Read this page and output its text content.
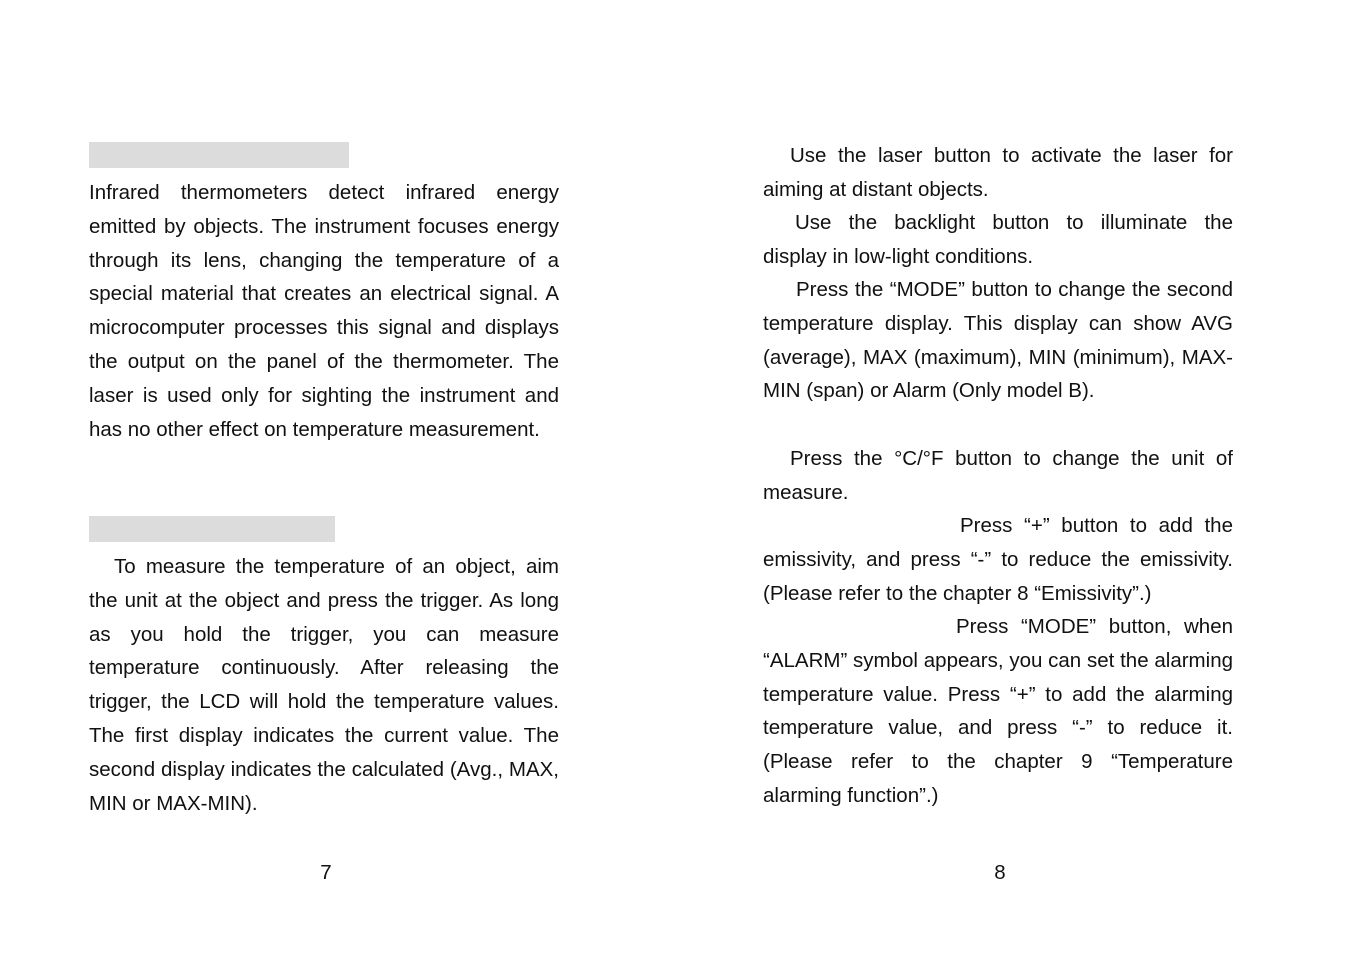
Infrared thermometers detect infrared energy emitted by objects. The instrument focuses energy through its lens, changing the temperature of a special material that creates an electrical signal. A microcomputer processes this signal and displays the output on the panel of the thermometer. The laser is used only for sighting the instrument and has no other effect on temperature measurement.

To measure the temperature of an object, aim the unit at the object and press the trigger. As long as you hold the trigger, you can measure temperature continuously. After releasing the trigger, the LCD will hold the temperature values. The first display indicates the current value. The second display indicates the calculated (Avg., MAX, MIN or MAX-MIN).

7

Use the laser button to activate the laser for aiming at distant objects.

Use the backlight button to illuminate the display in low-light conditions.

Press the “MODE” button to change the second temperature display. This display can show AVG (average), MAX (maximum), MIN (minimum), MAX-MIN (span) or Alarm (Only model B).

Press the °C/°F button to change the unit of measure.

Press “+” button to add the emissivity, and press “-” to reduce the emissivity. (Please refer to the chapter 8 “Emissivity”.)

Press “MODE” button, when “ALARM” symbol appears, you can set the alarming temperature value. Press “+” to add the alarming temperature value, and press “-” to reduce it. (Please refer to the chapter 9 “Temperature alarming function”.)

8
